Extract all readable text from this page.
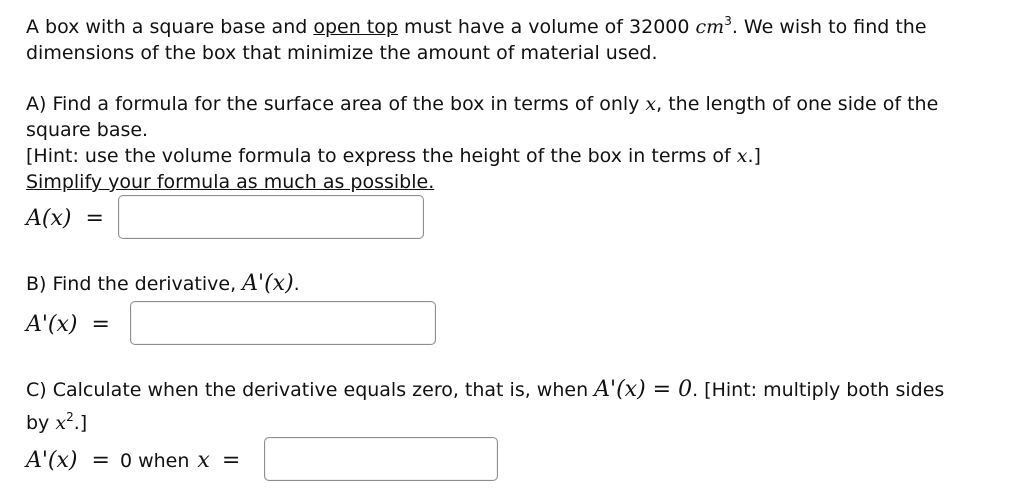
A box with a square base and open top must have a volume of 32000 $cm^3$. We wish to find the
dimensions of the box that minimize the amount of material used.
A) Find a formula for the surface area of the box in terms of only x, the length of one side of the
square base.
[Hint: use the volume formula to express the height of the box in terms of x.]
Simplify your formula as much as possible.
A(x) =
B) Find the derivative, A'(x).
A'(x) =
C) Calculate when the derivative equals zero, that is, when A'(x) = 0. [Hint: multiply both sides
by $x^2$.]
A'(x) = 0 when x =
